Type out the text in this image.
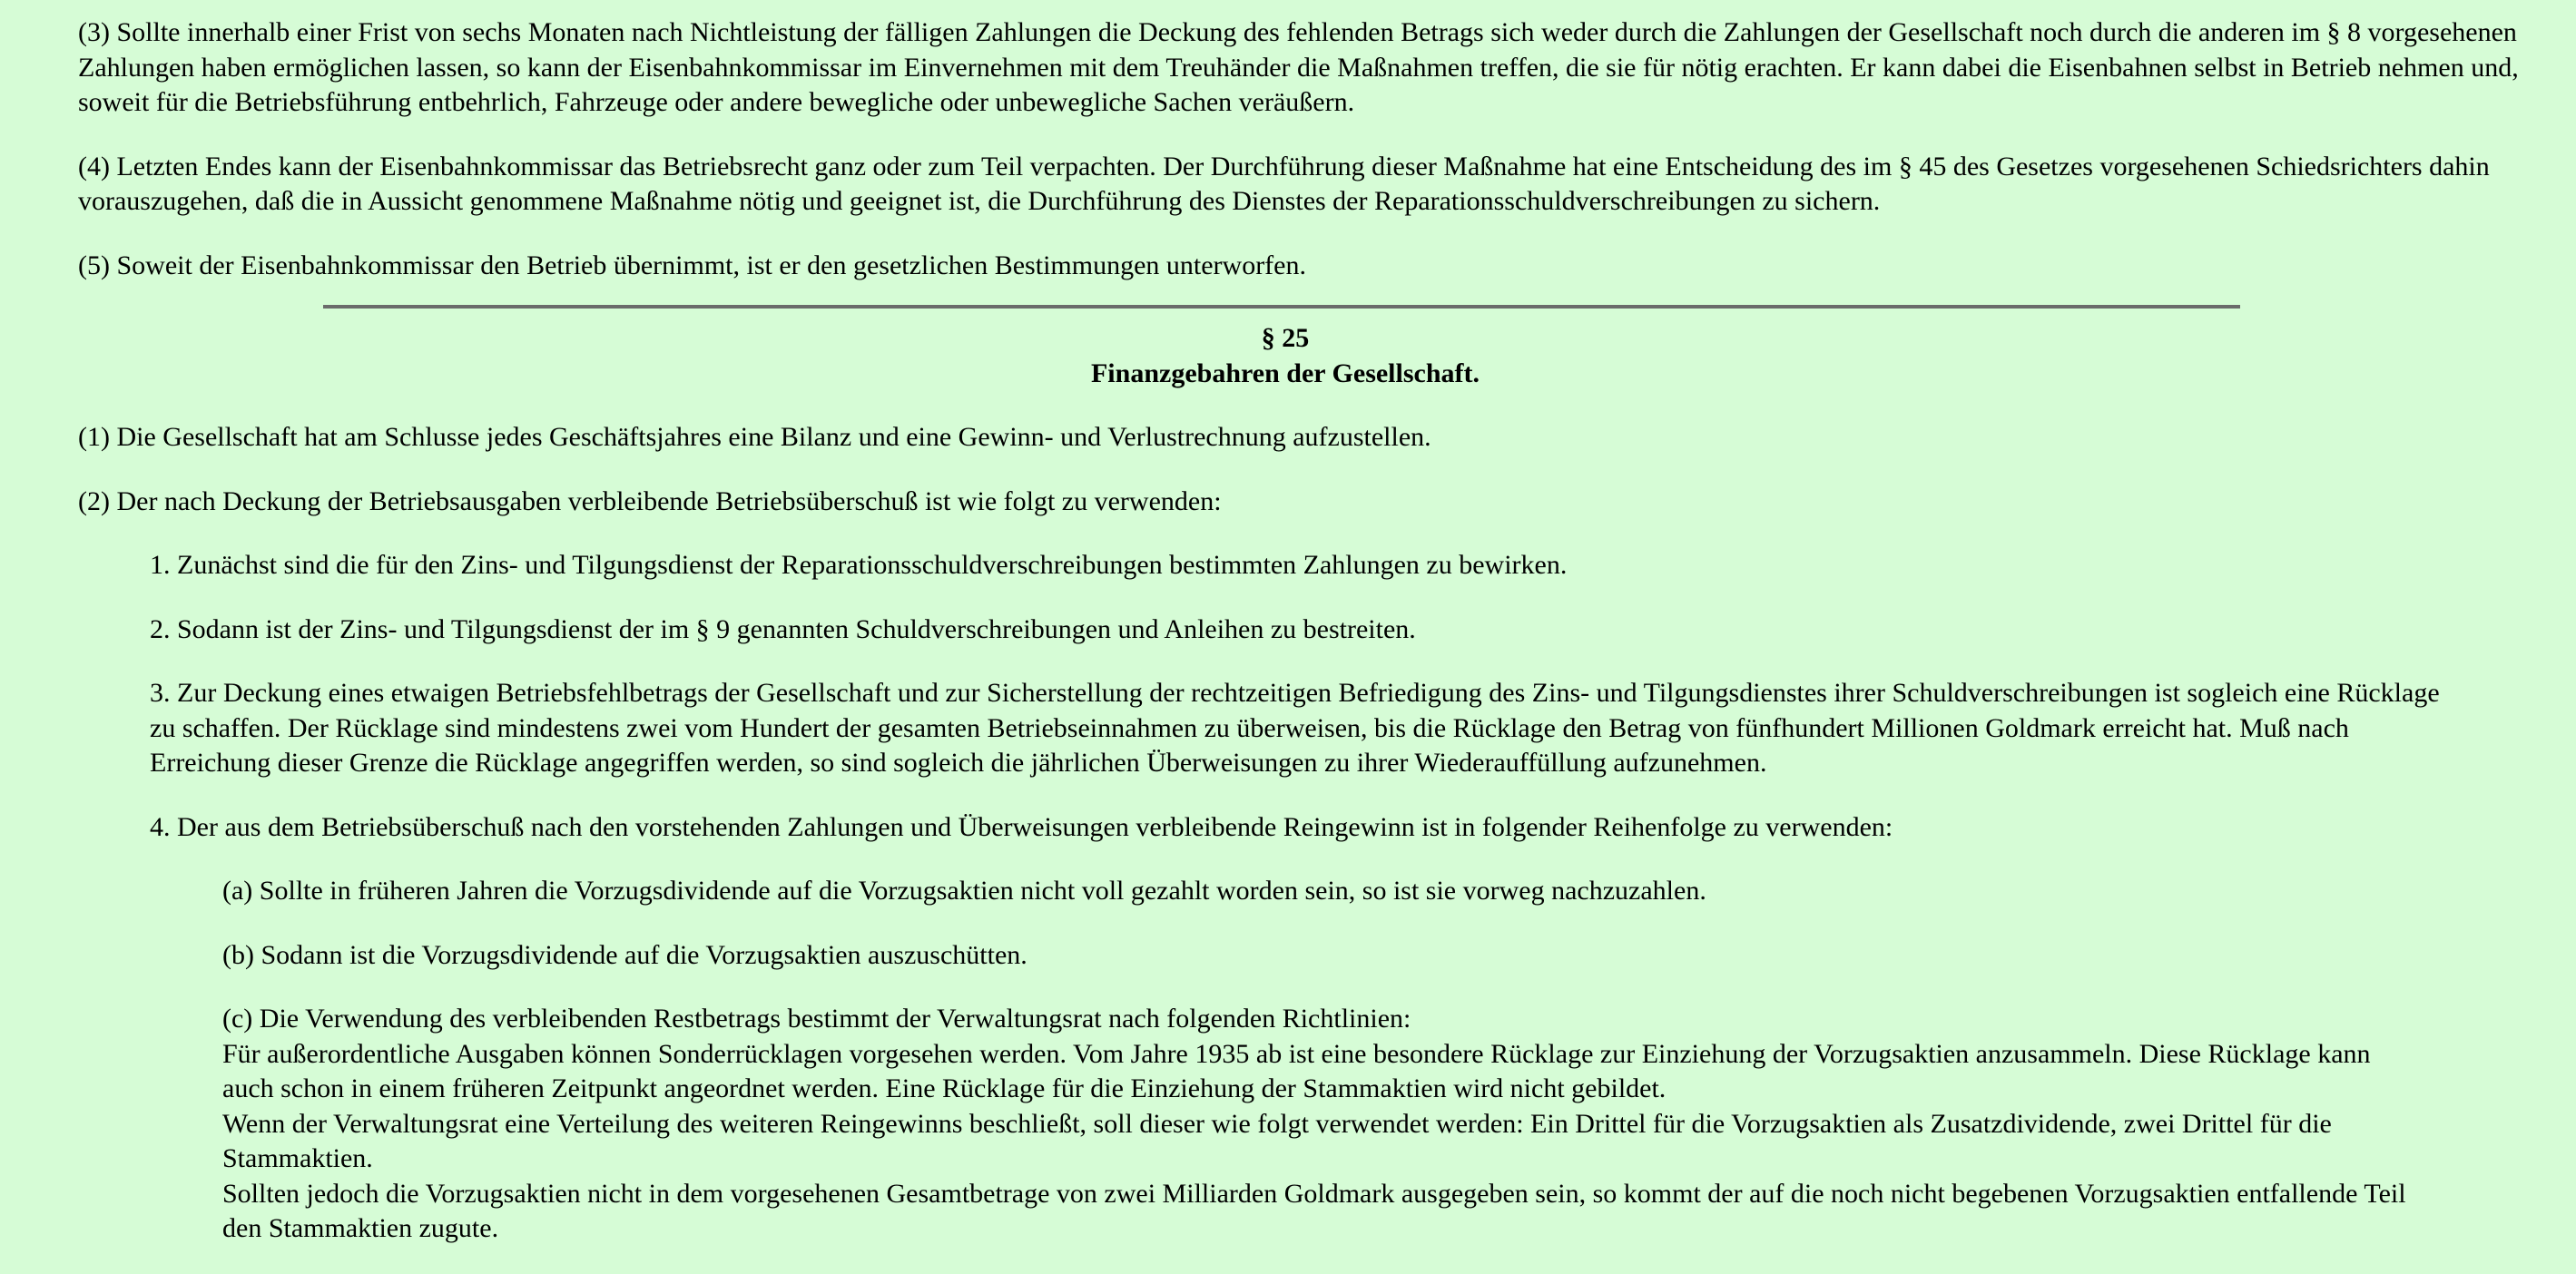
(3) Sollte innerhalb einer Frist von sechs Monaten nach Nichtleistung der fälligen Zahlungen die Deckung des fehlenden Betrags sich weder durch die Zahlungen der Gesellschaft noch durch die anderen im § 8 vorgesehenen Zahlungen haben ermöglichen lassen, so kann der Eisenbahnkommissar im Einvernehmen mit dem Treuhänder die Maßnahmen treffen, die sie für nötig erachten. Er kann dabei die Eisenbahnen selbst in Betrieb nehmen und, soweit für die Betriebsführung entbehrlich, Fahrzeuge oder andere bewegliche oder unbewegliche Sachen veräußern.

(4) Letzten Endes kann der Eisenbahnkommissar das Betriebsrecht ganz oder zum Teil verpachten. Der Durchführung dieser Maßnahme hat eine Entscheidung des im § 45 des Gesetzes vorgesehenen Schiedsrichters dahin vorauszugehen, daß die in Aussicht genommene Maßnahme nötig und geeignet ist, die Durchführung des Dienstes der Reparationsschuldverschreibungen zu sichern.

(5) Soweit der Eisenbahnkommissar den Betrieb übernimmt, ist er den gesetzlichen Bestimmungen unterworfen.

§ 25
Finanzgebahren der Gesellschaft.

(1) Die Gesellschaft hat am Schlusse jedes Geschäftsjahres eine Bilanz und eine Gewinn- und Verlustrechnung aufzustellen.

(2) Der nach Deckung der Betriebsausgaben verbleibende Betriebsüberschuß ist wie folgt zu verwenden:

1. Zunächst sind die für den Zins- und Tilgungsdienst der Reparationsschuldverschreibungen bestimmten Zahlungen zu bewirken.

2. Sodann ist der Zins- und Tilgungsdienst der im § 9 genannten Schuldverschreibungen und Anleihen zu bestreiten.

3. Zur Deckung eines etwaigen Betriebsfehlbetrags der Gesellschaft und zur Sicherstellung der rechtzeitigen Befriedigung des Zins- und Tilgungsdienstes ihrer Schuldverschreibungen ist sogleich eine Rücklage zu schaffen. Der Rücklage sind mindestens zwei vom Hundert der gesamten Betriebseinnahmen zu überweisen, bis die Rücklage den Betrag von fünfhundert Millionen Goldmark erreicht hat. Muß nach Erreichung dieser Grenze die Rücklage angegriffen werden, so sind sogleich die jährlichen Überweisungen zu ihrer Wiederauffüllung aufzunehmen.

4. Der aus dem Betriebsüberschuß nach den vorstehenden Zahlungen und Überweisungen verbleibende Reingewinn ist in folgender Reihenfolge zu verwenden:

(a) Sollte in früheren Jahren die Vorzugsdividende auf die Vorzugsaktien nicht voll gezahlt worden sein, so ist sie vorweg nachzuzahlen.

(b) Sodann ist die Vorzugsdividende auf die Vorzugsaktien auszuschütten.

(c) Die Verwendung des verbleibenden Restbetrags bestimmt der Verwaltungsrat nach folgenden Richtlinien:

Für außerordentliche Ausgaben können Sonderrücklagen vorgesehen werden. Vom Jahre 1935 ab ist eine besondere Rücklage zur Einziehung der Vorzugsaktien anzusammeln. Diese Rücklage kann auch schon in einem früheren Zeitpunkt angeordnet werden. Eine Rücklage für die Einziehung der Stammaktien wird nicht gebildet.

Wenn der Verwaltungsrat eine Verteilung des weiteren Reingewinns beschließt, soll dieser wie folgt verwendet werden: Ein Drittel für die Vorzugsaktien als Zusatzdividende, zwei Drittel für die Stammaktien.

Sollten jedoch die Vorzugsaktien nicht in dem vorgesehenen Gesamtbetrage von zwei Milliarden Goldmark ausgegeben sein, so kommt der auf die noch nicht begebenen Vorzugsaktien entfallende Teil den Stammaktien zugute.
